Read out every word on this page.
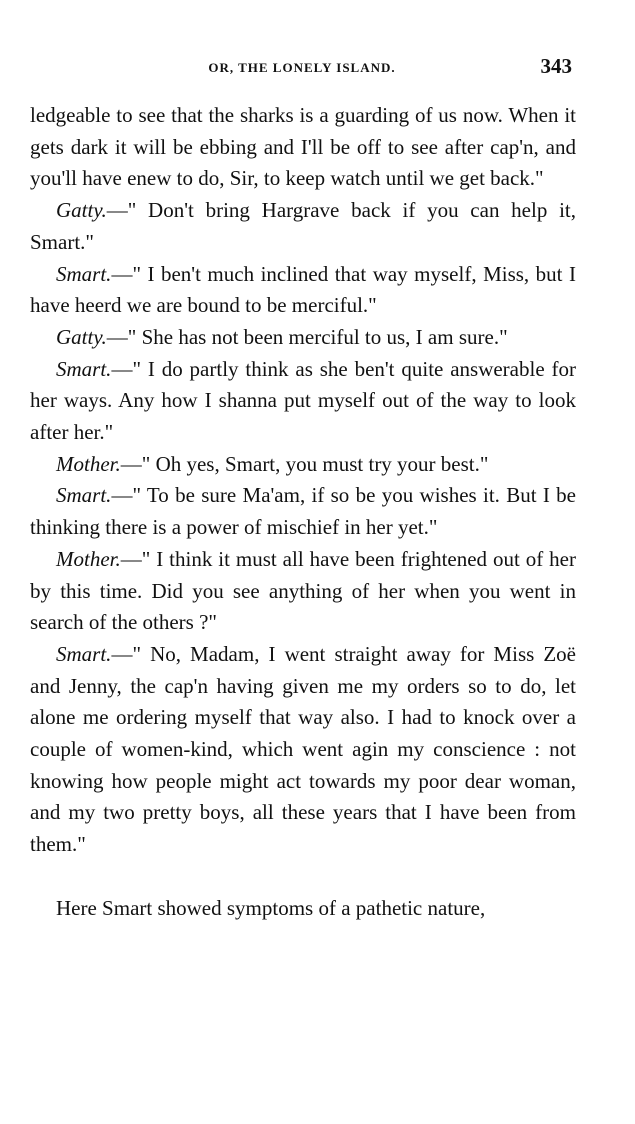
OR, THE LONELY ISLAND.	343

ledgeable to see that the sharks is a guarding of us now. When it gets dark it will be ebbing and I'll be off to see after cap'n, and you'll have enew to do, Sir, to keep watch until we get back."

Gatty.—" Don't bring Hargrave back if you can help it, Smart."

Smart.—" I ben't much inclined that way myself, Miss, but I have heerd we are bound to be merciful."

Gatty.—" She has not been merciful to us, I am sure."

Smart.—" I do partly think as she ben't quite answerable for her ways. Any how I shanna put myself out of the way to look after her."

Mother.—" Oh yes, Smart, you must try your best."

Smart.—" To be sure Ma'am, if so be you wishes it. But I be thinking there is a power of mischief in her yet."

Mother.—" I think it must all have been frightened out of her by this time. Did you see anything of her when you went in search of the others ?"

Smart.—" No, Madam, I went straight away for Miss Zoë and Jenny, the cap'n having given me my orders so to do, let alone me ordering myself that way also. I had to knock over a couple of women-kind, which went agin my conscience : not knowing how people might act towards my poor dear woman, and my two pretty boys, all these years that I have been from them."

Here Smart showed symptoms of a pathetic nature,
